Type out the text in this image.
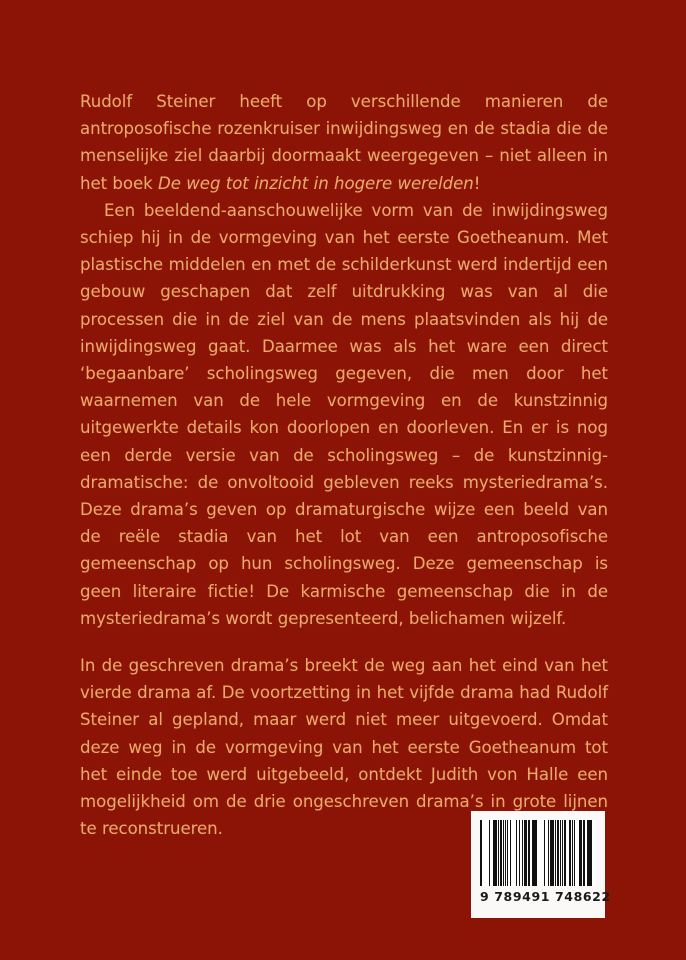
Rudolf Steiner heeft op verschillende manieren de antroposofische rozenkruiser inwijdingsweg en de stadia die de menselijke ziel daarbij doormaakt weergegeven – niet alleen in het boek De weg tot inzicht in hogere werelden!

Een beeldend-aanschouwelijke vorm van de inwijdingsweg schiep hij in de vormgeving van het eerste Goetheanum. Met plastische middelen en met de schilderkunst werd indertijd een gebouw geschapen dat zelf uitdrukking was van al die processen die in de ziel van de mens plaatsvinden als hij de inwijdingsweg gaat. Daarmee was als het ware een direct ‘begaanbare’ scholingsweg gegeven, die men door het waarnemen van de hele vormgeving en de kunstzinnig uitgewerkte details kon doorlopen en doorleven. En er is nog een derde versie van de scholingsweg – de kunstzinnig-dramatische: de onvoltooid gebleven reeks mysteriedrama’s. Deze drama’s geven op dramaturgische wijze een beeld van de reële stadia van het lot van een antroposofische gemeenschap op hun scholingsweg. Deze gemeenschap is geen literaire fictie! De karmische gemeenschap die in de mysteriedrama’s wordt gepresenteerd, belichamen wijzelf.

In de geschreven drama’s breekt de weg aan het eind van het vierde drama af. De voortzetting in het vijfde drama had Rudolf Steiner al gepland, maar werd niet meer uitgevoerd. Omdat deze weg in de vormgeving van het eerste Goetheanum tot het einde toe werd uitgebeeld, ontdekt Judith von Halle een mogelijkheid om de drie ongeschreven drama’s in grote lijnen te reconstrueren.

9 789491 748622
